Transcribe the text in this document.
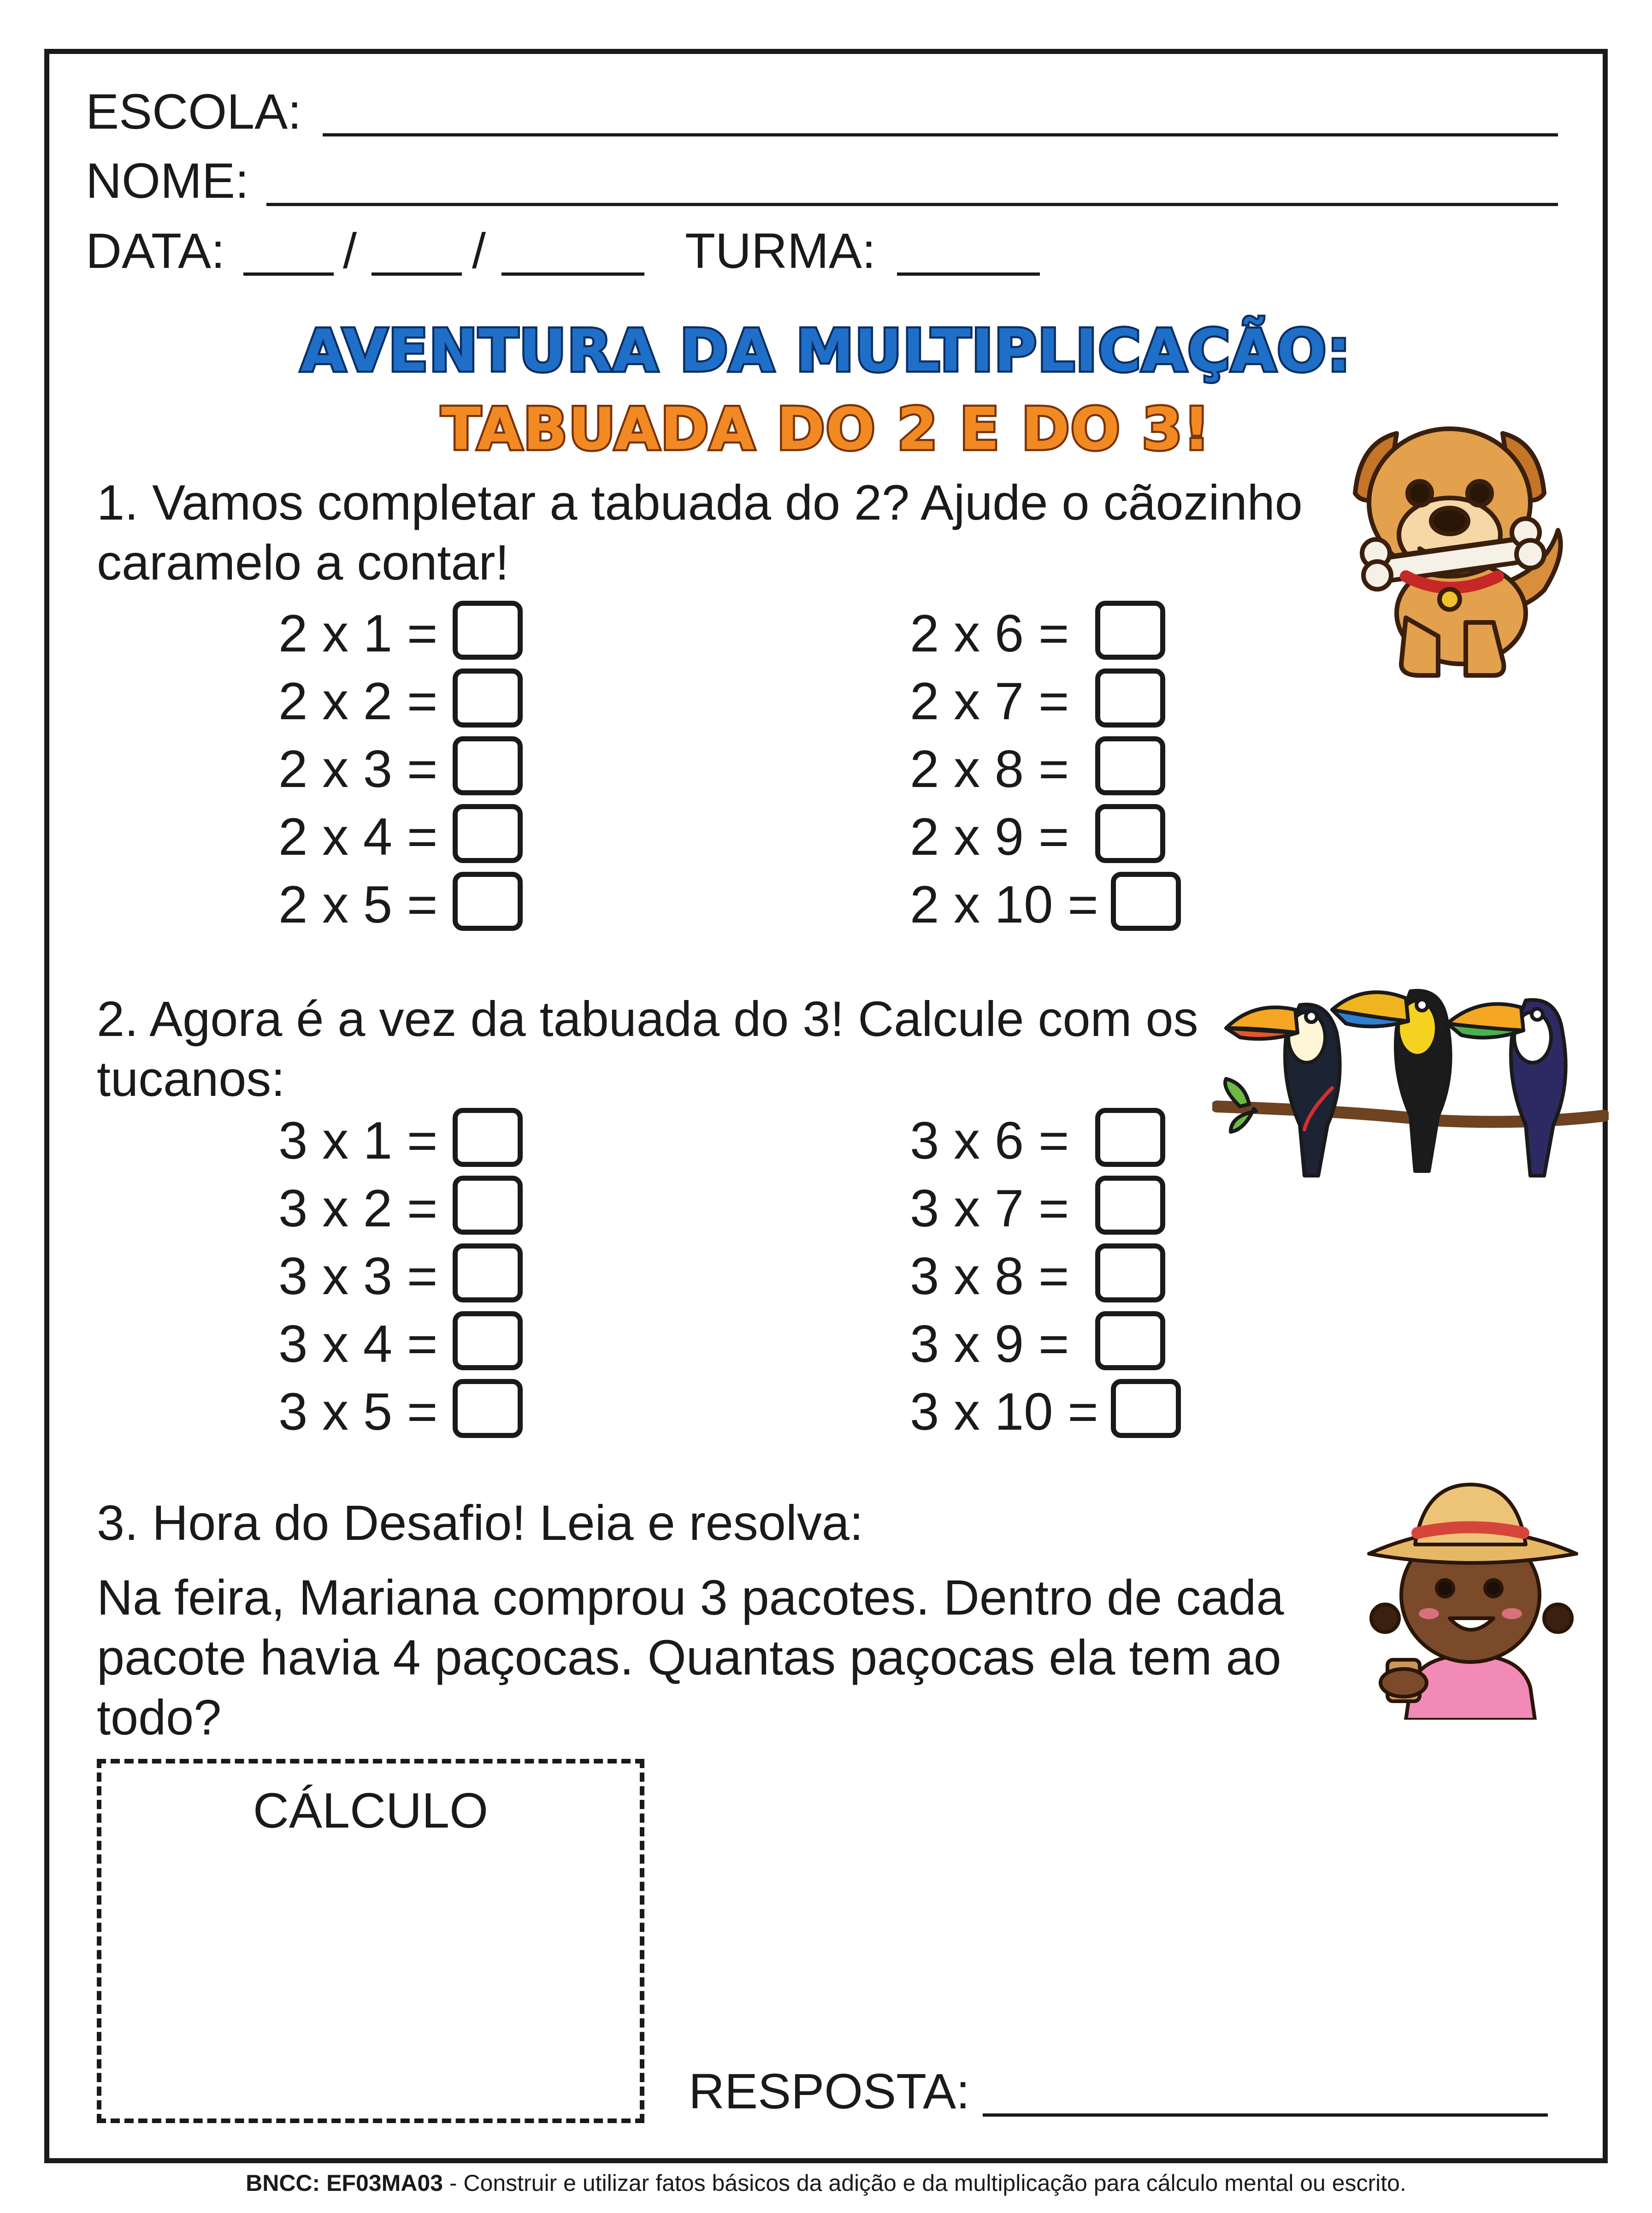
ESCOLA:
NOME:
DATA: / /	TURMA:
AVENTURA DA MULTIPLICAÇÃO:
TABUADA DO 2 E DO 3!
1. Vamos completar a tabuada do 2? Ajude o cãozinho
caramelo a contar!
2 x 1 =
2 x 2 =
2 x 3 =
2 x 4 =
2 x 5 =
2 x 6 =
2 x 7 =
2 x 8 =
2 x 9 =
2 x 10 =
2. Agora é a vez da tabuada do 3! Calcule com os
tucanos:
3 x 1 =
3 x 2 =
3 x 3 =
3 x 4 =
3 x 5 =
3 x 6 =
3 x 7 =
3 x 8 =
3 x 9 =
3 x 10 =
3. Hora do Desafio! Leia e resolva:
Na feira, Mariana comprou 3 pacotes. Dentro de cada
pacote havia 4 paçocas. Quantas paçocas ela tem ao
todo?
CÁLCULO
RESPOSTA:
BNCC: EF03MA03 - Construir e utilizar fatos básicos da adição e da multiplicação para cálculo mental ou escrito.
